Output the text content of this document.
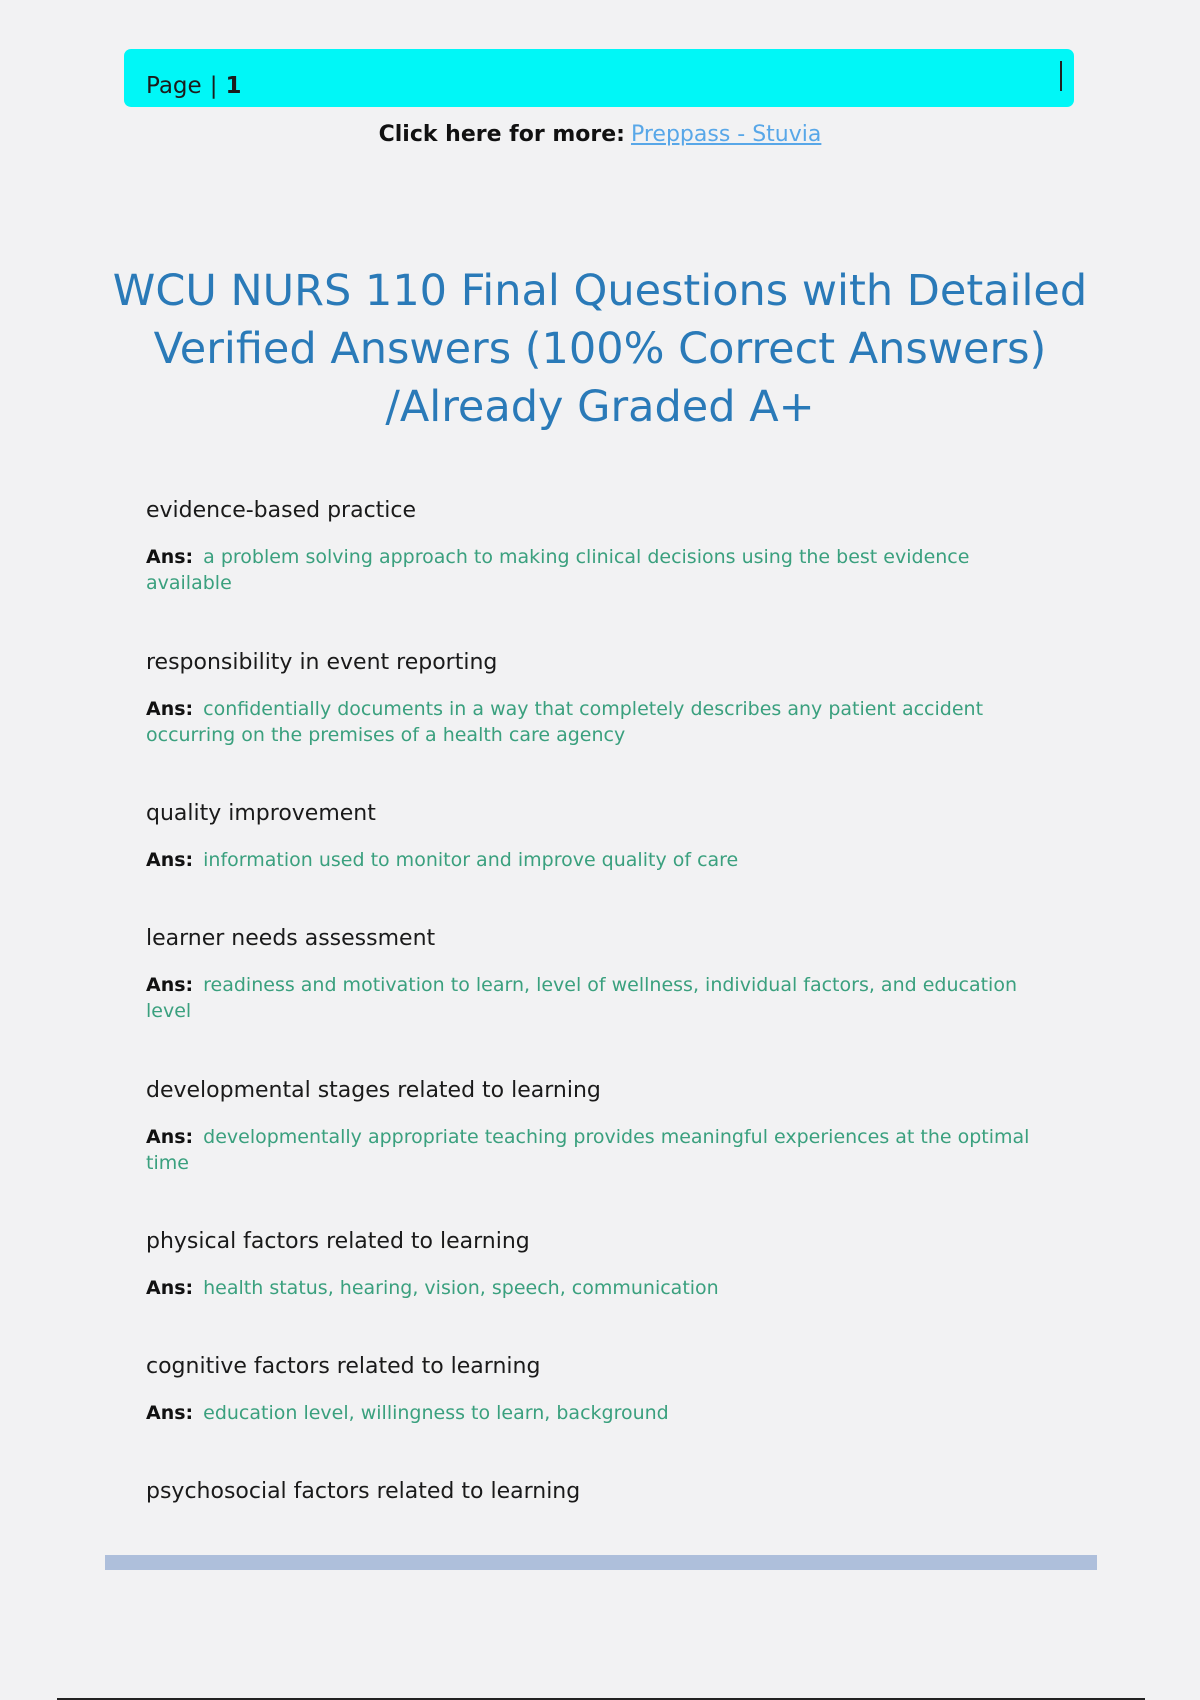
Page | 1
Click here for more: Preppass - Stuvia
WCU NURS 110 Final Questions with Detailed Verified Answers (100% Correct Answers) /Already Graded A+
evidence-based practice
Ans: a problem solving approach to making clinical decisions using the best evidence available
responsibility in event reporting
Ans: confidentially documents in a way that completely describes any patient accident occurring on the premises of a health care agency
quality improvement
Ans: information used to monitor and improve quality of care
learner needs assessment
Ans: readiness and motivation to learn, level of wellness, individual factors, and education level
developmental stages related to learning
Ans: developmentally appropriate teaching provides meaningful experiences at the optimal time
physical factors related to learning
Ans: health status, hearing, vision, speech, communication
cognitive factors related to learning
Ans: education level, willingness to learn, background
psychosocial factors related to learning
